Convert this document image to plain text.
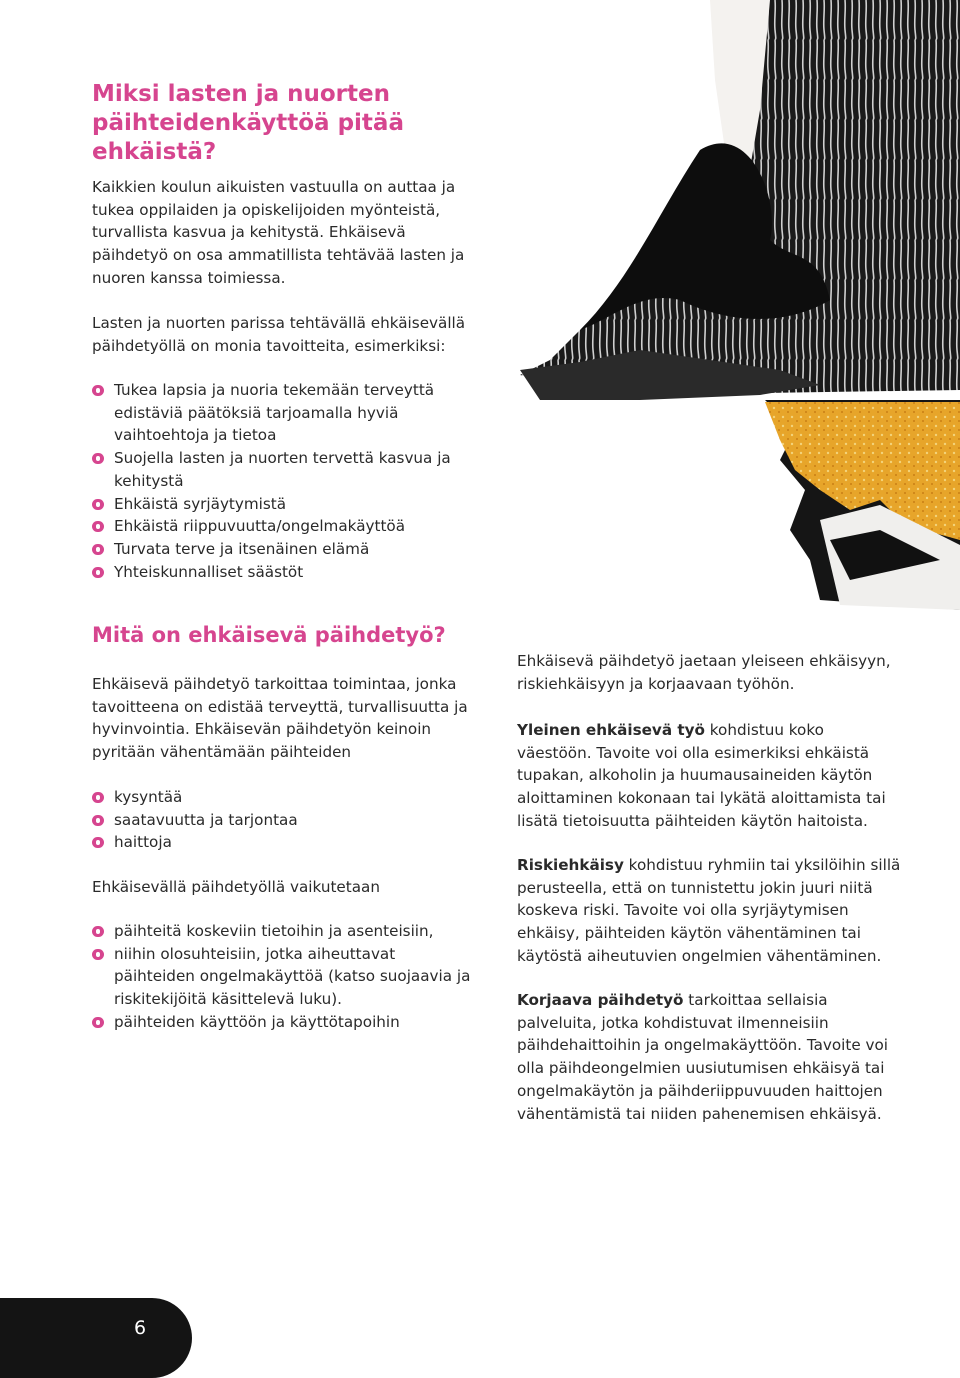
Miksi lasten ja nuorten päihteidenkäyttöä pitää ehkäistä?

Kaikkien koulun aikuisten vastuulla on auttaa ja tukea oppilaiden ja opiskelijoiden myönteistä, turvallista kasvua ja kehitystä. Ehkäisevä päihdetyö on osa ammatillista tehtävää lasten ja nuoren kanssa toimiessa.

Lasten ja nuorten parissa tehtävällä ehkäisevällä päihdetyöllä on monia tavoitteita, esimerkiksi:

Tukea lapsia ja nuoria tekemään terveyttä edistäviä päätöksiä tarjoamalla hyviä vaihtoehtoja ja tietoa
Suojella lasten ja nuorten tervettä kasvua ja kehitystä
Ehkäistä syrjäytymistä
Ehkäistä riippuvuutta/ongelmakäyttöä
Turvata terve ja itsenäinen elämä
Yhteiskunnalliset säästöt
Mitä on ehkäisevä päihdetyö?

Ehkäisevä päihdetyö tarkoittaa toimintaa, jonka tavoitteena on edistää terveyttä, turvallisuutta ja hyvinvointia. Ehkäisevän päihdetyön keinoin pyritään vähentämään päihteiden

kysyntää
saatavuutta ja tarjontaa
haittoja

Ehkäisevällä päihdetyöllä vaikutetaan

päihteitä koskeviin tietoihin ja asenteisiin,
niihin olosuhteisiin, jotka aiheuttavat päihteiden ongelmakäyttöä (katso suojaavia ja riskitekijöitä käsittelevä luku).
päihteiden käyttöön ja käyttötapoihin

Ehkäisevä päihdetyö jaetaan yleiseen ehkäisyyn, riskiehkäisyyn ja korjaavaan työhön.

Yleinen ehkäisevä työ kohdistuu koko väestöön. Tavoite voi olla esimerkiksi ehkäistä tupakan, alkoholin ja huumausaineiden käytön aloittaminen kokonaan tai lykätä aloittamista tai lisätä tietoisuutta päihteiden käytön haitoista.

Riskiehkäisy kohdistuu ryhmiin tai yksilöihin sillä perusteella, että on tunnistettu jokin juuri niitä koskeva riski. Tavoite voi olla syrjäytymisen ehkäisy, päihteiden käytön vähentäminen tai käytöstä aiheutuvien ongelmien vähentäminen.

Korjaava päihdetyö tarkoittaa sellaisia palveluita, jotka kohdistuvat ilmenneisiin päihdehaittoihin ja ongelmakäyttöön. Tavoite voi olla päihdeongelmien uusiutumisen ehkäisyä tai ongelmakäytön ja päihderiippuvuuden haittojen vähentämistä tai niiden pahenemisen ehkäisyä.

6
